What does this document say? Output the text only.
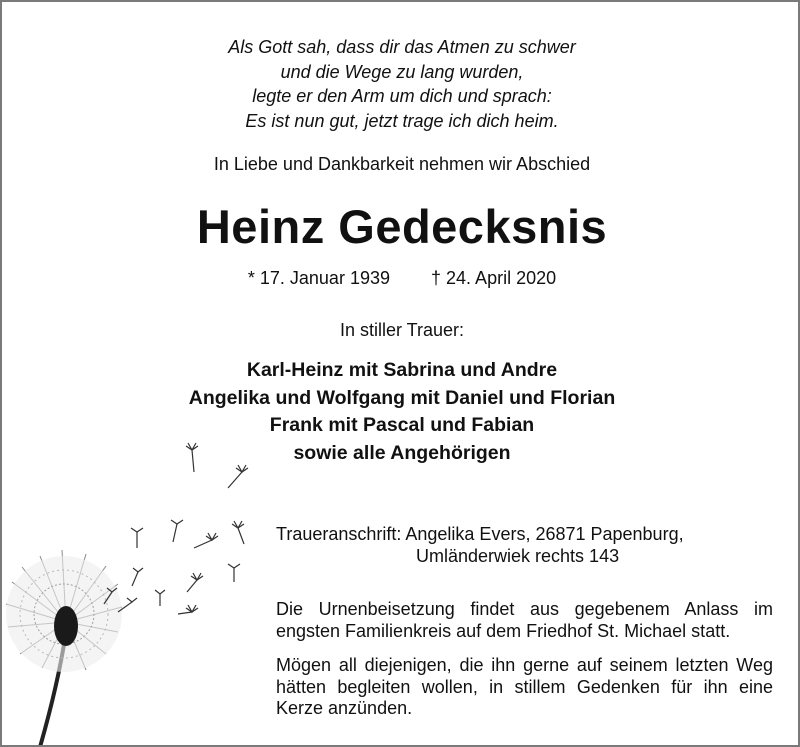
Als Gott sah, dass dir das Atmen zu schwer
und die Wege zu lang wurden,
legte er den Arm um dich und sprach:
Es ist nun gut, jetzt trage ich dich heim.
In Liebe und Dankbarkeit nehmen wir Abschied
Heinz Gedecksnis
* 17. Januar 1939 † 24. April 2020
In stiller Trauer:
Karl-Heinz mit Sabrina und Andre
Angelika und Wolfgang mit Daniel und Florian
Frank mit Pascal und Fabian
sowie alle Angehörigen
Traueranschrift: Angelika Evers, 26871 Papenburg,
Umländerwiek rechts 143
Die Urnenbeisetzung findet aus gegebenem Anlass im engsten Familienkreis auf dem Friedhof St. Michael statt.
Mögen all diejenigen, die ihn gerne auf seinem letzten Weg hätten begleiten wollen, in stillem Gedenken für ihn eine Kerze anzünden.
